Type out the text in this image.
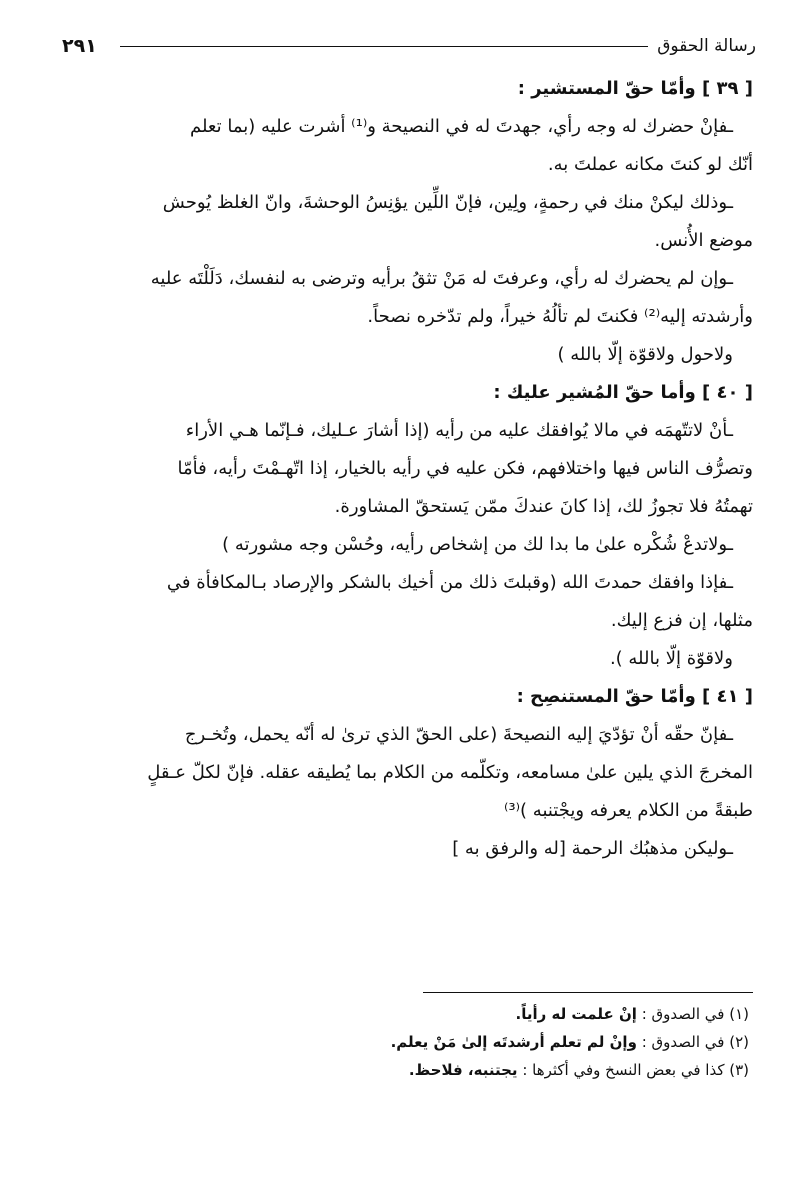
رسالة الحقوق
٢٩١
[ ٣٩ ] وأمّا حقّ المستشير :
ـفإنْ حضرك له وجه رأي، جهدتَ له في النصيحة و⁽¹⁾ أشرت عليه (بما تعلم
أنّك لو كنتَ مكانه عملتَ به.
ـوذلك ليكنْ منك في رحمةٍ، ولِين، فإنّ اللِّين يؤنِسُ الوحشةَ، وانّ الغلظ يُوحش
موضع الأُنس.
ـوإن لم يحضرك له رأي، وعرفتَ له مَنْ تثقُ برأيه وترضى به لنفسك، دَلَلْتَه عليه
وأرشدته إليه⁽²⁾ فكنتَ لم تألُهُ خيراً، ولم تدّخره نصحاً.
ولاحول ولاقوّة إلّا بالله )
[ ٤٠ ] وأما حقّ المُشير عليك :
ـأنْ لاتتّهمَه في مالا يُوافقك عليه من رأيه (إذا أشارَ عـليك، فـإنّما هـي الأراء
وتصرُّف الناس فيها واختلافهم، فكن عليه في رأيه بالخيار، إذا اتّهـمْتَ رأيه، فأمّا
تهمتُهُ فلا تجوزُ لك، إذا كانَ عندكَ ممّن يَستحقّ المشاورة.
ـولاتدعْ شُكْره علىٰ ما بدا لك من إشخاص رأيه، وحُسْن وجه مشورته )
ـفإذا وافقك حمدتَ الله (وقبلتَ ذلك من أخيك بالشكر والإرصاد بـالمكافأة في
مثلها، إن فزع إليك.
ولاقوّة إلّا بالله ).
[ ٤١ ] وأمّا حقّ المستنصِح :
ـفإنّ حقّه أنْ تؤدّيَ إليه النصيحةَ (على الحقّ الذي ترىٰ له أنّه يحمل، وتُخـرج
المخرجَ الذي يلين علىٰ مسامعه، وتكلّمه من الكلام بما يُطيقه عقله. فإنّ لكلّ عـقلٍ
طبقةً من الكلام يعرفه ويجْتنبه )⁽³⁾
ـوليكن مذهبُك الرحمة [له والرفق به ]
(١) في الصدوق : إنْ علمت له رأياً.
(٢) في الصدوق : وإنْ لم تعلم أرشدتَه إلىٰ مَنْ يعلم.
(٣) كذا في بعض النسخ وفي أكثرها : يجتنبه، فلاحظ.
